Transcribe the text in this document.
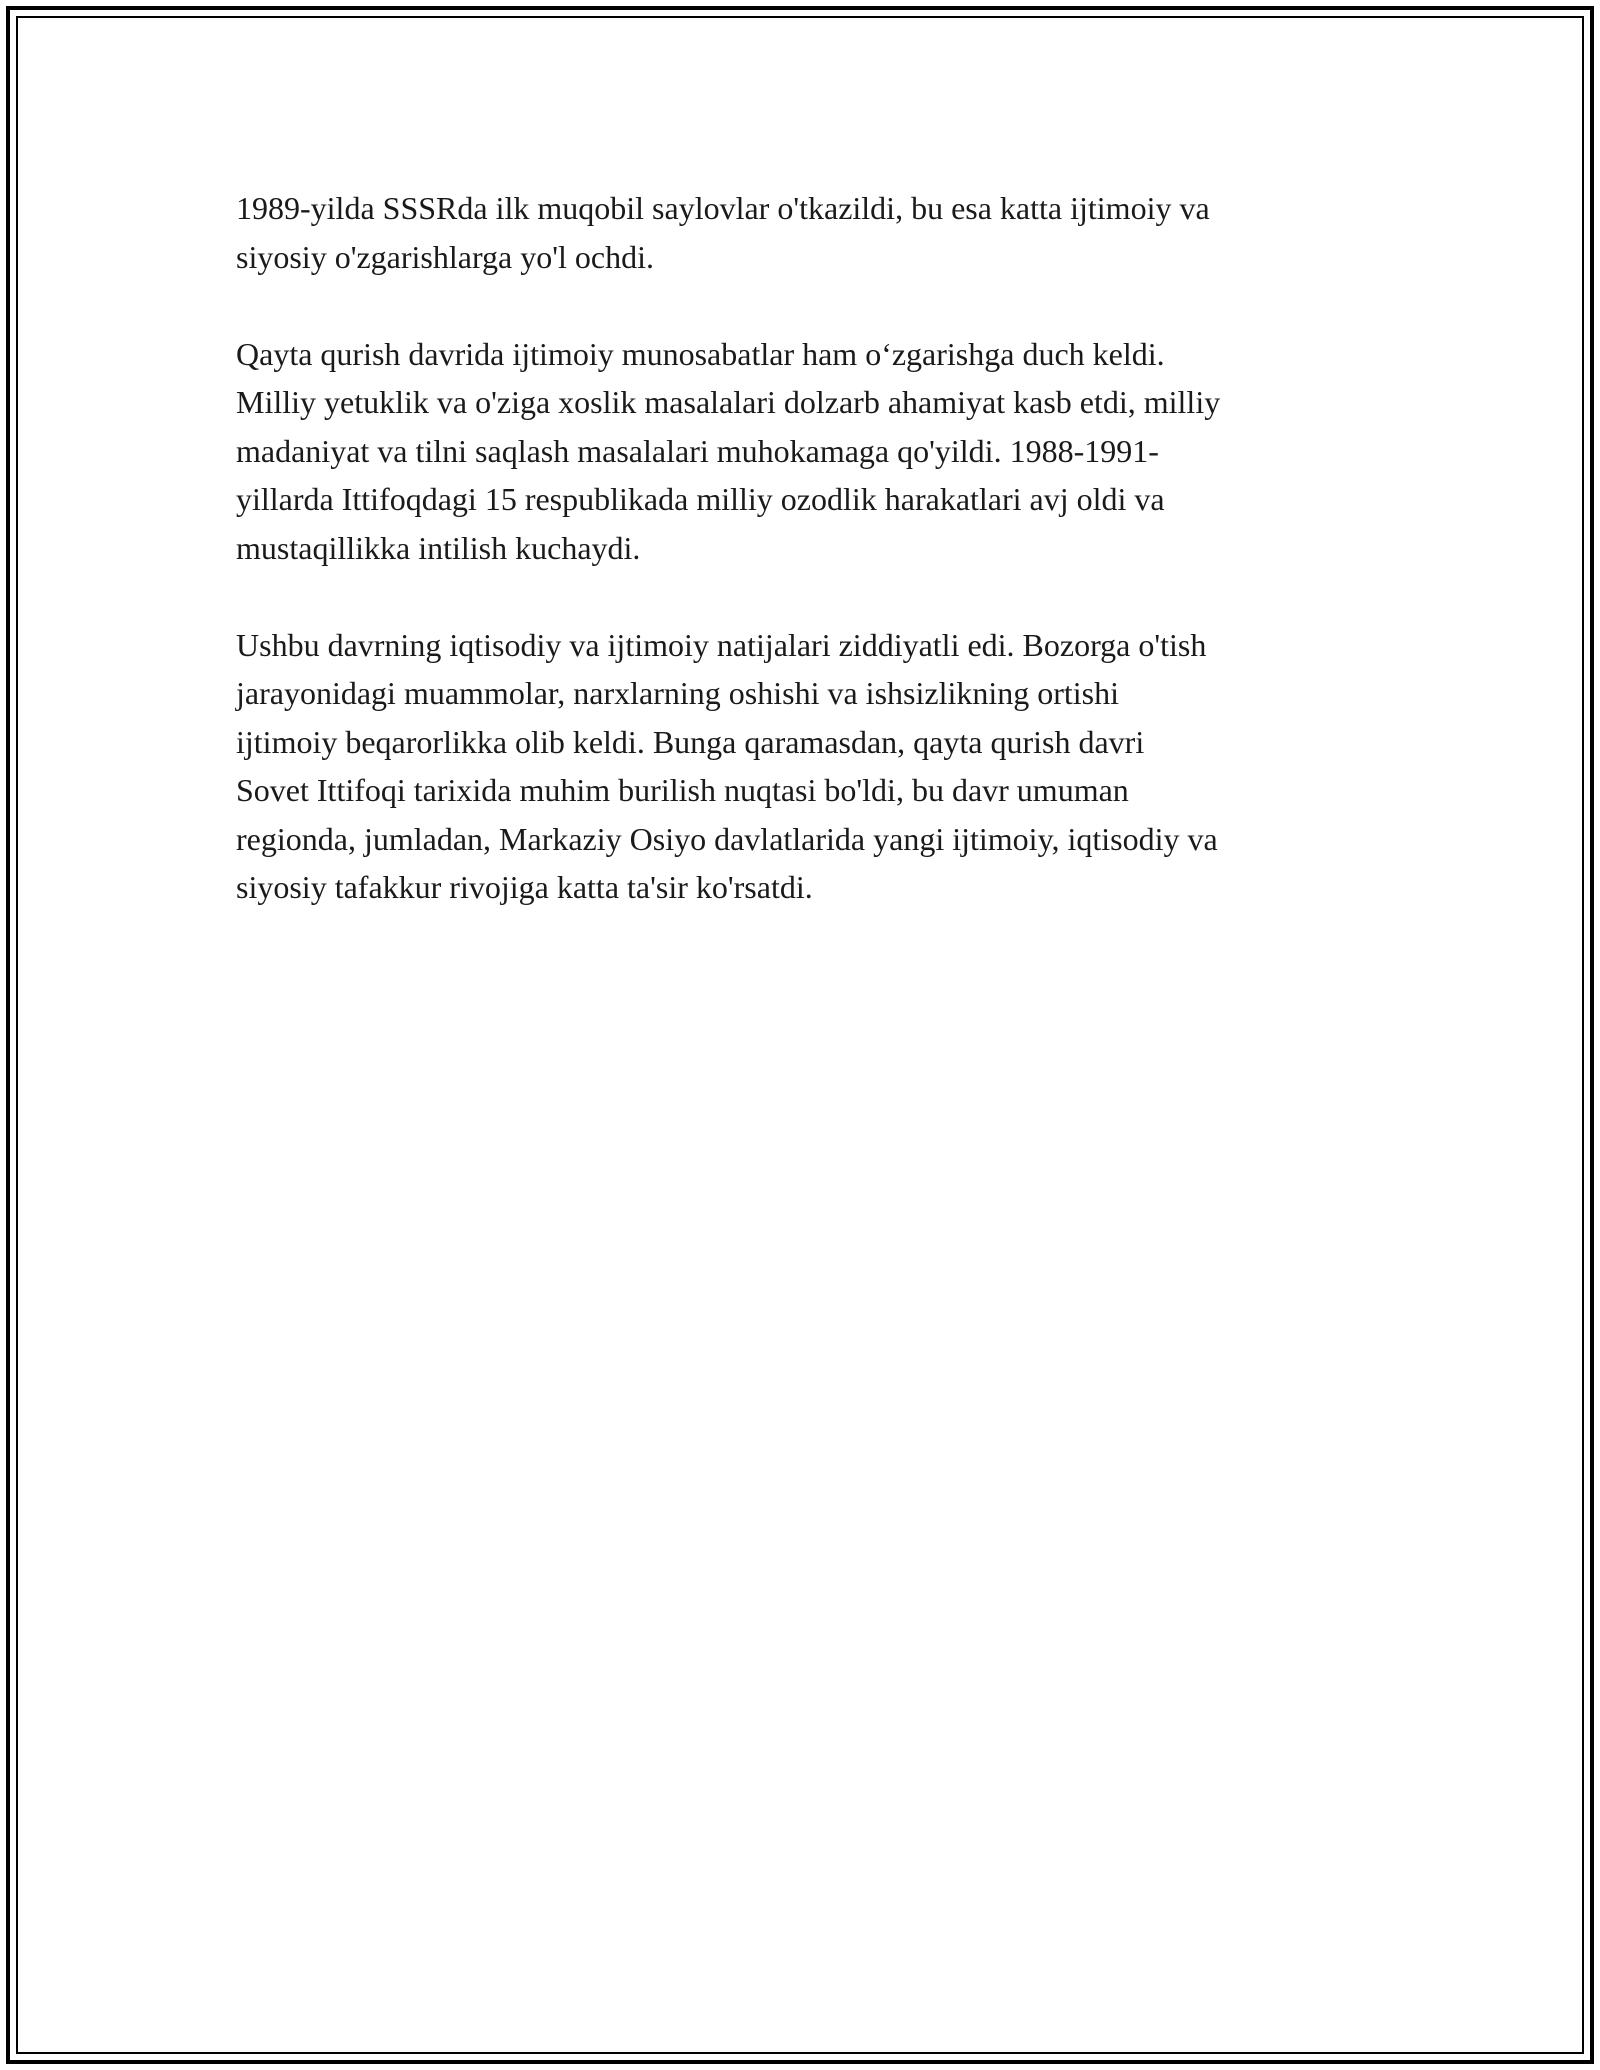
1989-yilda SSSRda ilk muqobil saylovlar o'tkazildi, bu esa katta ijtimoiy va
siyosiy o'zgarishlarga yo'l ochdi.

Qayta qurish davrida ijtimoiy munosabatlar ham o‘zgarishga duch keldi.
Milliy yetuklik va o'ziga xoslik masalalari dolzarb ahamiyat kasb etdi, milliy
madaniyat va tilni saqlash masalalari muhokamaga qo'yildi. 1988-1991-
yillarda Ittifoqdagi 15 respublikada milliy ozodlik harakatlari avj oldi va
mustaqillikka intilish kuchaydi.

Ushbu davrning iqtisodiy va ijtimoiy natijalari ziddiyatli edi. Bozorga o'tish
jarayonidagi muammolar, narxlarning oshishi va ishsizlikning ortishi
ijtimoiy beqarorlikka olib keldi. Bunga qaramasdan, qayta qurish davri
Sovet Ittifoqi tarixida muhim burilish nuqtasi bo'ldi, bu davr umuman
regionda, jumladan, Markaziy Osiyo davlatlarida yangi ijtimoiy, iqtisodiy va
siyosiy tafakkur rivojiga katta ta'sir ko'rsatdi.
